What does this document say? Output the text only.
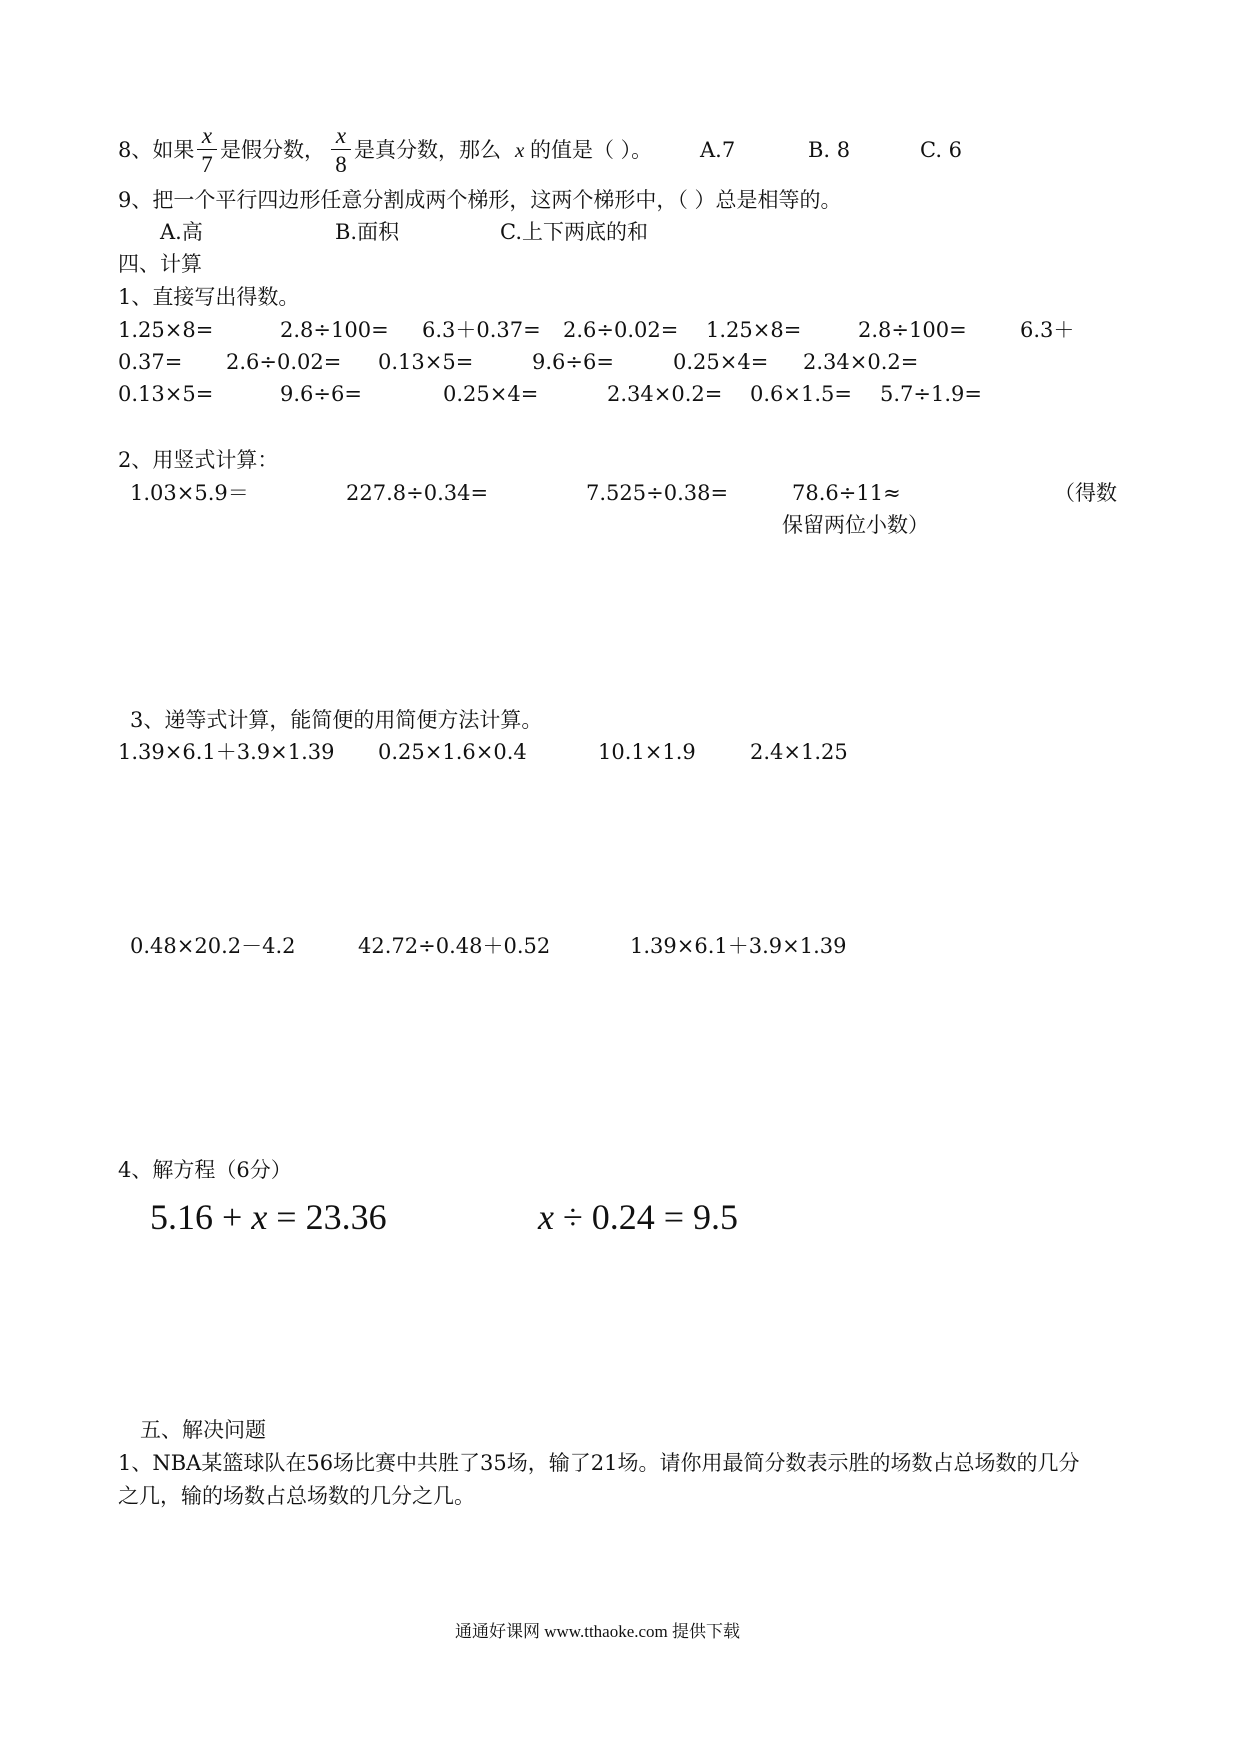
8、如果
x
7
是假分数，
x
8
是真分数，那么 x 的值是（ ）。 A.7	B. 8	C. 6
9、把一个平行四边形任意分割成两个梯形，这两个梯形中，（ ）总是相等的。
A.高	B.面积	C.上下两底的和
四、计算
1、直接写出得数。
1.25×8=	2.8÷100= 6.3＋0.37= 2.6÷0.02= 1.25×8=	2.8÷100=	6.3＋
0.37= 2.6÷0.02= 0.13×5=	9.6÷6=	0.25×4= 2.34×0.2=
0.13×5=	9.6÷6=	0.25×4=	2.34×0.2= 0.6×1.5= 5.7÷1.9=
2、用竖式计算：
1.03×5.9＝	227.8÷0.34=	7.525÷0.38=	78.6÷11≈	（得数
保留两位小数）
3、递等式计算，能简便的用简便方法计算。
1.39×6.1＋3.9×1.39 0.25×1.6×0.4	10.1×1.9	2.4×1.25
0.48×20.2－4.2	42.72÷0.48＋0.52	1.39×6.1＋3.9×1.39
4、解方程（6分）
5.16 + x = 23.36	x ÷ 0.24 = 9.5
五、解决问题
1、NBA某篮球队在56场比赛中共胜了35场，输了21场。请你用最简分数表示胜的场数占总场数的几分
之几，输的场数占总场数的几分之几。
通通好课网 www.tthaoke.com 提供下载
